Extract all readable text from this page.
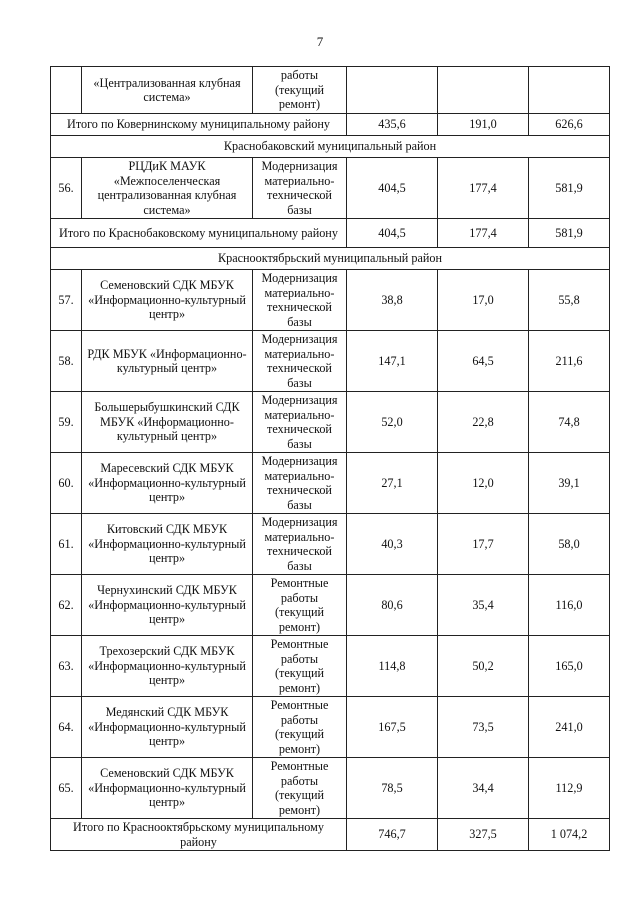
7
	«Централизованная клубная система»	работы (текущий ремонт)			
Итого по Ковернинскому муниципальному району			435,6	191,0	626,6
Краснобаковский муниципальный район					
56.	РЦДиК МАУК «Межпоселенческая централизованная клубная система»	Модернизация материально-технической базы	404,5	177,4	581,9
Итого по Краснобаковскому муниципальному району			404,5	177,4	581,9
Краснооктябрьский муниципальный район					
57.	Семеновский СДК МБУК «Информационно-культурный центр»	Модернизация материально-технической базы	38,8	17,0	55,8
58.	РДК МБУК «Информационно-культурный центр»	Модернизация материально-технической базы	147,1	64,5	211,6
59.	Большерыбушкинский СДК МБУК «Информационно-культурный центр»	Модернизация материально-технической базы	52,0	22,8	74,8
60.	Маресевский СДК МБУК «Информационно-культурный центр»	Модернизация материально-технической базы	27,1	12,0	39,1
61.	Китовский СДК МБУК «Информационно-культурный центр»	Модернизация материально-технической базы	40,3	17,7	58,0
62.	Чернухинский СДК МБУК «Информационно-культурный центр»	Ремонтные работы (текущий ремонт)	80,6	35,4	116,0
63.	Трехозерский СДК МБУК «Информационно-культурный центр»	Ремонтные работы (текущий ремонт)	114,8	50,2	165,0
64.	Медянский СДК МБУК «Информационно-культурный центр»	Ремонтные работы (текущий ремонт)	167,5	73,5	241,0
65.	Семеновский СДК МБУК «Информационно-культурный центр»	Ремонтные работы (текущий ремонт)	78,5	34,4	112,9
Итого по Краснооктябрьскому муниципальному району			746,7	327,5	1 074,2
